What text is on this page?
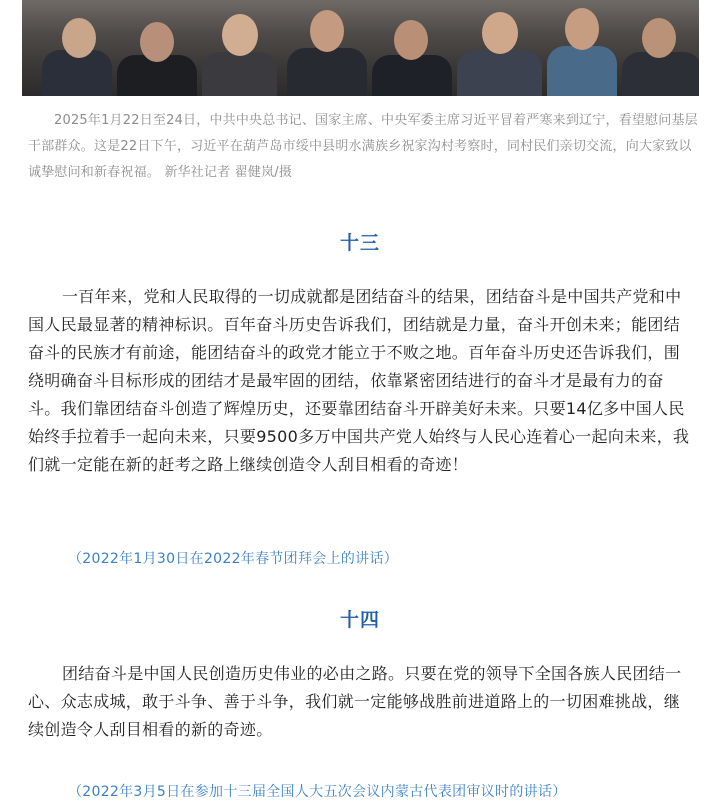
2025年1月22日至24日，中共中央总书记、国家主席、中央军委主席习近平冒着严寒来到辽宁，看望慰问基层干部群众。这是22日下午，习近平在葫芦岛市绥中县明水满族乡祝家沟村考察时，同村民们亲切交流，向大家致以诚挚慰问和新春祝福。 新华社记者 翟健岚/摄
十三
一百年来，党和人民取得的一切成就都是团结奋斗的结果，团结奋斗是中国共产党和中国人民最显著的精神标识。百年奋斗历史告诉我们，团结就是力量，奋斗开创未来；能团结奋斗的民族才有前途，能团结奋斗的政党才能立于不败之地。百年奋斗历史还告诉我们，围绕明确奋斗目标形成的团结才是最牢固的团结，依靠紧密团结进行的奋斗才是最有力的奋斗。我们靠团结奋斗创造了辉煌历史，还要靠团结奋斗开辟美好未来。只要14亿多中国人民始终手拉着手一起向未来，只要9500多万中国共产党人始终与人民心连着心一起向未来，我们就一定能在新的赶考之路上继续创造令人刮目相看的奇迹！
（2022年1月30日在2022年春节团拜会上的讲话）
十四
团结奋斗是中国人民创造历史伟业的必由之路。只要在党的领导下全国各族人民团结一心、众志成城，敢于斗争、善于斗争，我们就一定能够战胜前进道路上的一切困难挑战，继续创造令人刮目相看的新的奇迹。
（2022年3月5日在参加十三届全国人大五次会议内蒙古代表团审议时的讲话）
